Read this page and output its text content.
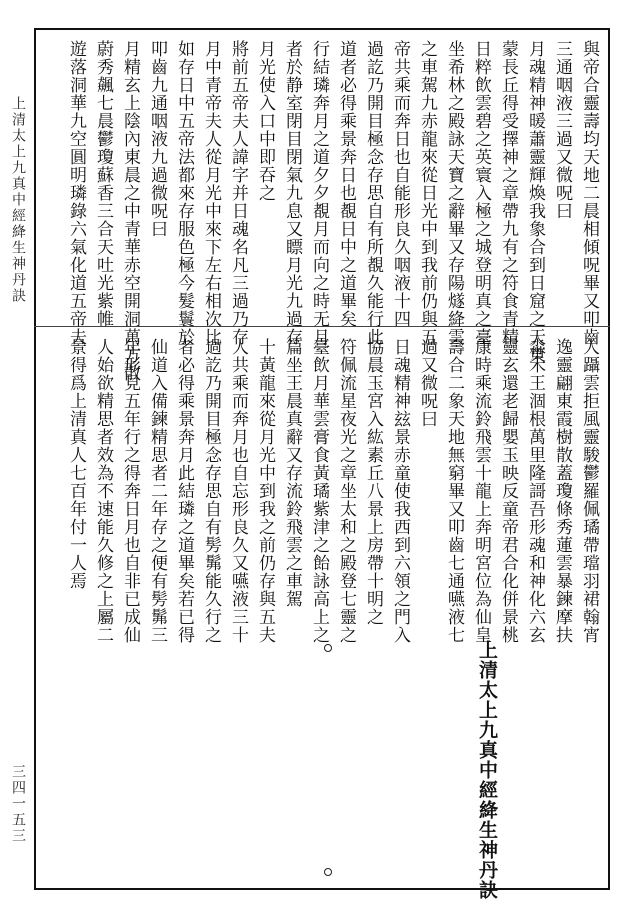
上清太上九真中經絳生神丹訣
三四一五三
與帝合靈壽均天地二晨相傾呪畢又叩齒
三通咽液三過又微呪曰
月魂精神暖蕭靈輝煥我𧰼合到日窟之天東
蒙長丘得受擇神之章帶九有之符食青精
日粹飲雲碧之英寰入極之城登明真之臺
坐希林之殿詠天寶之辭畢又存陽燧絳雲
之車駕九赤龍來從日光中到我前仍與五
帝共乘而奔日也自能形良久咽液十四
過訖乃開目極念存思自有所覩久能行此
道者必得乘景奔日也覩日中之道畢矣
行結璘奔月之道夕夕覩月而向之時无月
者於静室閉目閉氣九息又瞟月光九過存
月光使入口中即吞之
將前五帝夫人諱字并日魂名凡三過乃存
月中青帝夫人從月光中來下左右相次比
如存日中五帝法都來存服色極今髮鬟於
叩齒九通咽液九過微呪曰
月精玄上陰內東晨之中青華赤空開洞萬方散
蔚秀飆七晨鬱瓊蘇香三合天吐光紫帷
遊落洞華九空圓明璘錄六氣化道五帝夫
人躡雲拒風靈駿鬱羅佩璚帶璫羽裙翰宵
逸靈翩東霞樹散蓋瓊條秀蓮雲暴鍊摩扶
淼禾王涸根萬里隆謌吾形魂和神化六玄
靈玄還老歸嬰玉映反童帝君合化併景桃
康時乘流鈴飛雲十龍上奔明宮位為仙皇
壽合二象天地無窮畢又叩齒七通嚥液七
過又微呪曰
日魂精神玆景赤童使我西到六領之門入
協晨玉宮入紘素丘八景上房帶十明之
符佩流星夜光之章坐太和之殿登七靈之
臺飲月華雲膏食黃璚紫津之飴詠高上之
篇坐王晨真辭又存流鈴飛雲之車駕
十黃龍來從月光中到我之前仍存與五夫
人共乘而奔月也自忘形良久又嚥液三十
過訖乃開目極念存思自有髣髴能久行之
者必得乘景奔月此結璘之道畢矣若已得
仙道入備鍊精思者二年存之便有髣髴三
年形見五年行之得奔日月也自非已成仙
人始欲精思者效為不速能久修之上屬二
景得爲上清真人七百年付一人焉
上清太上九真中經絳生神丹訣
